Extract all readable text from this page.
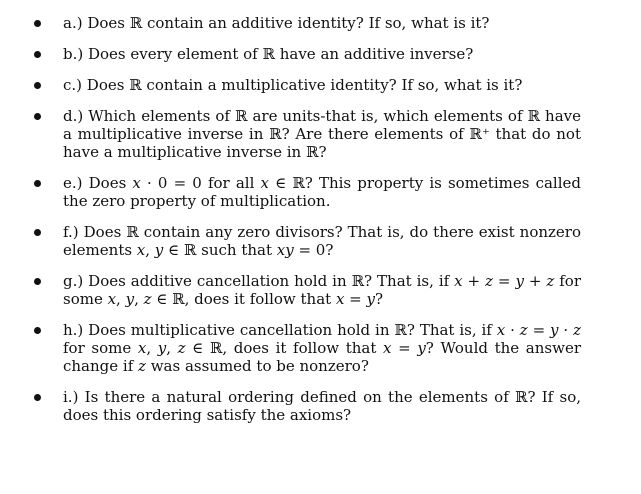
a.) Does ℝ contain an additive identity? If so, what is it?
b.) Does every element of ℝ have an additive inverse?
c.) Does ℝ contain a multiplicative identity? If so, what is it?
d.) Which elements of ℝ are units-that is, which elements of ℝ have a multiplicative inverse in ℝ? Are there elements of ℝ⁺ that do not have a multiplicative inverse in ℝ?
e.) Does 𝑥 · 0 = 0 for all 𝑥 ∈ ℝ? This property is sometimes called the zero property of multiplication.
f.) Does ℝ contain any zero divisors? That is, do there exist nonzero elements 𝑥, 𝑦 ∈ ℝ such that 𝑥𝑦 = 0?
g.) Does additive cancellation hold in ℝ? That is, if 𝑥 + 𝑧 = 𝑦 + 𝑧 for some 𝑥, 𝑦, 𝑧 ∈ ℝ, does it follow that 𝑥 = 𝑦?
h.) Does multiplicative cancellation hold in ℝ? That is, if 𝑥 · 𝑧 = 𝑦 · 𝑧 for some 𝑥, 𝑦, 𝑧 ∈ ℝ, does it follow that 𝑥 = 𝑦? Would the answer change if 𝑧 was assumed to be nonzero?
i.) Is there a natural ordering defined on the elements of ℝ? If so, does this ordering satisfy the axioms?
